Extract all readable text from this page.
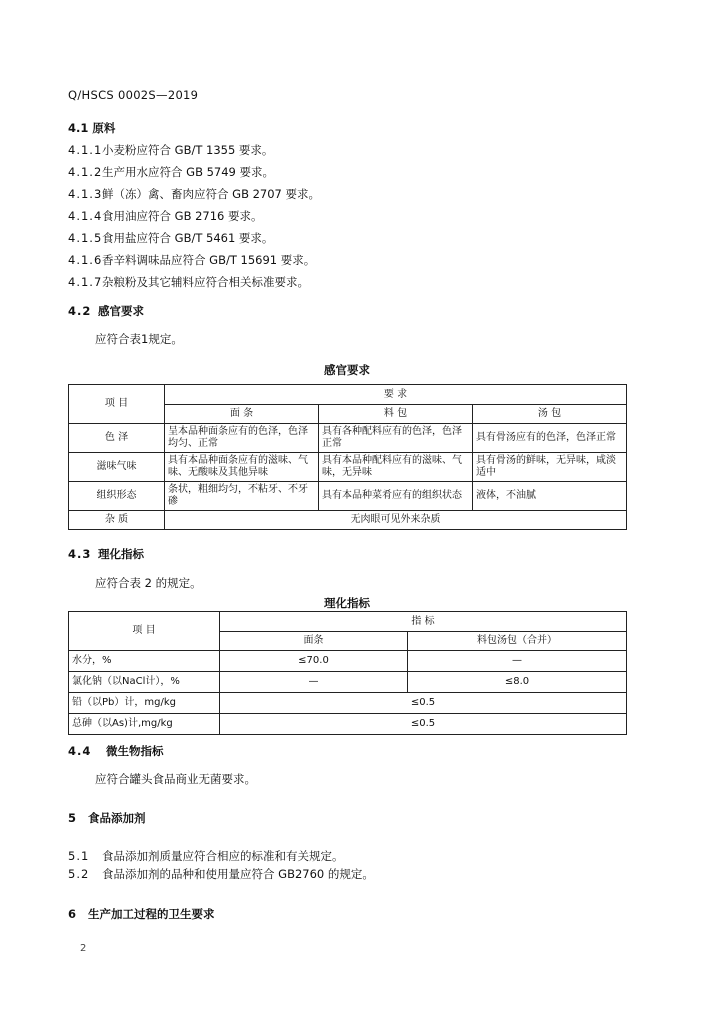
Q/HSCS 0002S—2019
4.1 原料
4.1.1小麦粉应符合 GB/T 1355 要求。
4.1.2生产用水应符合 GB 5749 要求。
4.1.3鲜（冻）禽、畜肉应符合 GB 2707 要求。
4.1.4食用油应符合 GB 2716 要求。
4.1.5食用盐应符合 GB/T 5461 要求。
4.1.6香辛料调味品应符合 GB/T 15691 要求。
4.1.7杂粮粉及其它辅料应符合相关标准要求。
4.2 感官要求
应符合表1规定。
感官要求
项 目	要 求		
	面 条	料 包	汤 包
色 泽	呈本品种面条应有的色泽，色泽均匀、正常	具有各种配料应有的色泽，色泽正常	具有骨汤应有的色泽，色泽正常
滋味气味	具有本品种面条应有的滋味、气味、无酸味及其他异味	具有本品种配料应有的滋味、气味，无异味	具有骨汤的鲜味，无异味，咸淡适中
组织形态	条状，粗细均匀，不粘牙、不牙碜	具有本品种菜肴应有的组织状态	液体，不油腻
杂 质	无肉眼可见外来杂质		
4.3 理化指标
应符合表 2 的规定。
理化指标
项 目	指 标	
	面条	料包汤包（合并）
水分，%	≤70.0	—
氯化钠（以NaCl计），%	—	≤8.0
铅（以Pb）计，mg/kg	≤0.5	
总砷（以As)计,mg/kg	≤0.5	
4.4 微生物指标
应符合罐头食品商业无菌要求。
5 食品添加剂
5.1 食品添加剂质量应符合相应的标准和有关规定。
5.2 食品添加剂的品种和使用量应符合 GB2760 的规定。
6 生产加工过程的卫生要求
2
